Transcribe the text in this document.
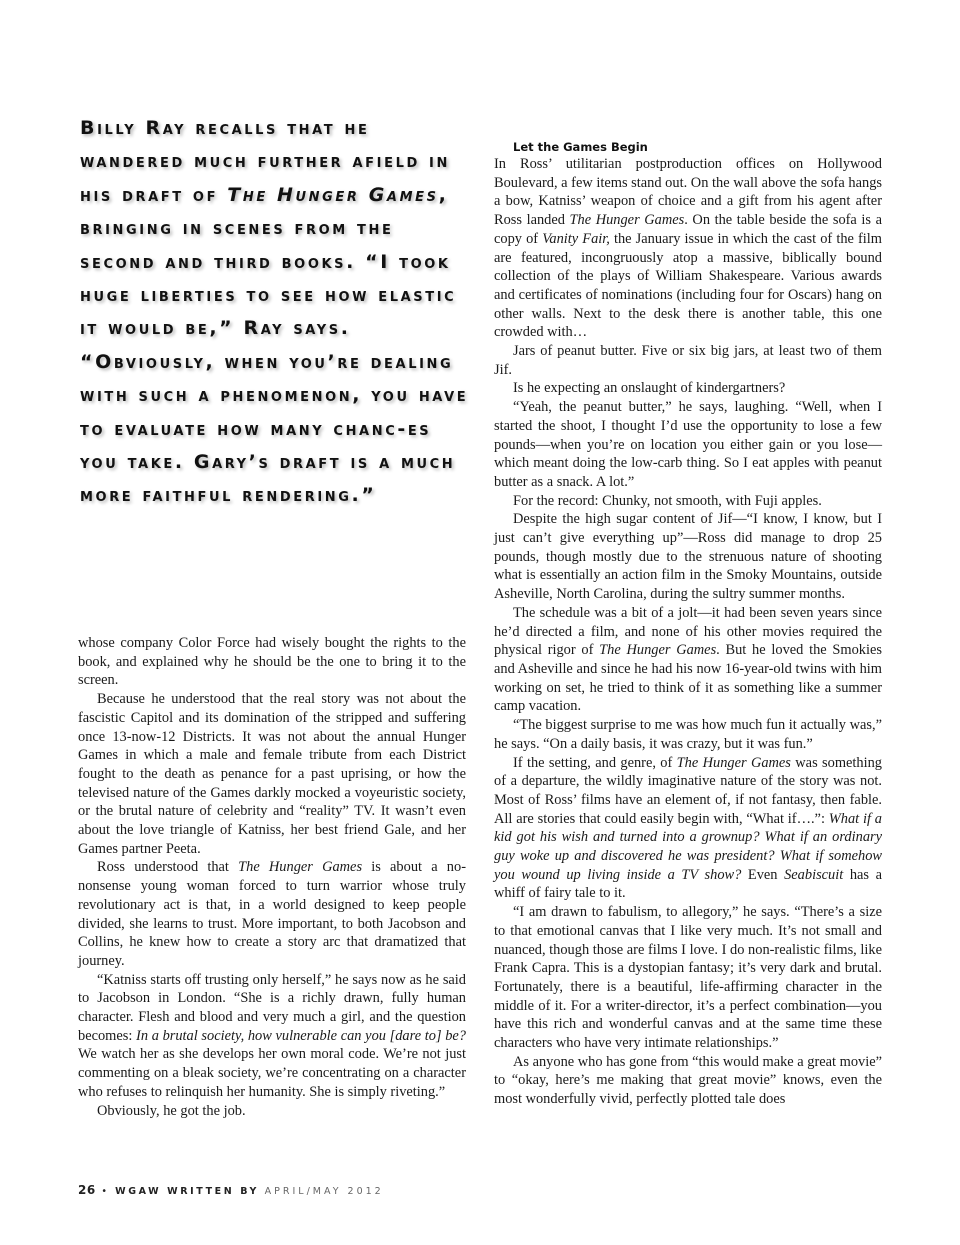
Billy Ray recalls that he wandered much further afield in his draft of The Hunger Games, bringing in scenes from the second and third books. “I took huge liberties to see how elastic it would be,” Ray says. “Obviously, when you’re dealing with such a phenomenon, you have to evaluate how many chanc-es you take. Gary’s draft is a much more faithful rendering.”

whose company Color Force had wisely bought the rights to the book, and explained why he should be the one to bring it to the screen.

Because he understood that the real story was not about the fascistic Capitol and its domination of the stripped and suffering once 13-now-12 Districts. It was not about the annual Hunger Games in which a male and female tribute from each District fought to the death as penance for a past uprising, or how the televised nature of the Games darkly mocked a voyeuristic society, or the brutal nature of celebrity and “reality” TV. It wasn’t even about the love triangle of Katniss, her best friend Gale, and her Games partner Peeta.

Ross understood that The Hunger Games is about a no-nonsense young woman forced to turn warrior whose truly revolutionary act is that, in a world designed to keep people divided, she learns to trust. More important, to both Jacobson and Collins, he knew how to create a story arc that dramatized that journey.

“Katniss starts off trusting only herself,” he says now as he said to Jacobson in London. “She is a richly drawn, fully human character. Flesh and blood and very much a girl, and the question becomes: In a brutal society, how vulnerable can you [dare to] be? We watch her as she develops her own moral code. We’re not just commenting on a bleak society, we’re concentrating on a character who refuses to relinquish her humanity. She is simply riveting.”

Obviously, he got the job.

Let the Games Begin

In Ross’ utilitarian postproduction offices on Hollywood Boulevard, a few items stand out. On the wall above the sofa hangs a bow, Katniss’ weapon of choice and a gift from his agent after Ross landed The Hunger Games. On the table beside the sofa is a copy of Vanity Fair, the January issue in which the cast of the film are featured, incongruously atop a massive, biblically bound collection of the plays of William Shakespeare. Various awards and certificates of nominations (including four for Oscars) hang on other walls. Next to the desk there is another table, this one crowded with…

Jars of peanut butter. Five or six big jars, at least two of them Jif.

Is he expecting an onslaught of kindergartners?

“Yeah, the peanut butter,” he says, laughing. “Well, when I started the shoot, I thought I’d use the opportunity to lose a few pounds—when you’re on location you either gain or you lose—which meant doing the low-carb thing. So I eat apples with peanut butter as a snack. A lot.”

For the record: Chunky, not smooth, with Fuji apples.

Despite the high sugar content of Jif—“I know, I know, but I just can’t give everything up”—Ross did manage to drop 25 pounds, though mostly due to the strenuous nature of shooting what is essentially an action film in the Smoky Mountains, outside Asheville, North Carolina, during the sultry summer months.

The schedule was a bit of a jolt—it had been seven years since he’d directed a film, and none of his other movies required the physical rigor of The Hunger Games. But he loved the Smokies and Asheville and since he had his now 16-year-old twins with him working on set, he tried to think of it as something like a summer camp vacation.

“The biggest surprise to me was how much fun it actually was,” he says. “On a daily basis, it was crazy, but it was fun.”

If the setting, and genre, of The Hunger Games was something of a departure, the wildly imaginative nature of the story was not. Most of Ross’ films have an element of, if not fantasy, then fable. All are stories that could easily begin with, “What if….”: What if a kid got his wish and turned into a grownup? What if an ordinary guy woke up and discovered he was president? What if somehow you wound up living inside a TV show? Even Seabiscuit has a whiff of fairy tale to it.

“I am drawn to fabulism, to allegory,” he says. “There’s a size to that emotional canvas that I like very much. It’s not small and nuanced, though those are films I love. I do non-realistic films, like Frank Capra. This is a dystopian fantasy; it’s very dark and brutal. Fortunately, there is a beautiful, life-affirming character in the middle of it. For a writer-director, it’s a perfect combination—you have this rich and wonderful canvas and at the same time these characters who have very intimate relationships.”

As anyone who has gone from “this would make a great movie” to “okay, here’s me making that great movie” knows, even the most wonderfully vivid, perfectly plotted tale does

26 • WGAW WRITTEN BY APRIL/MAY 2012
